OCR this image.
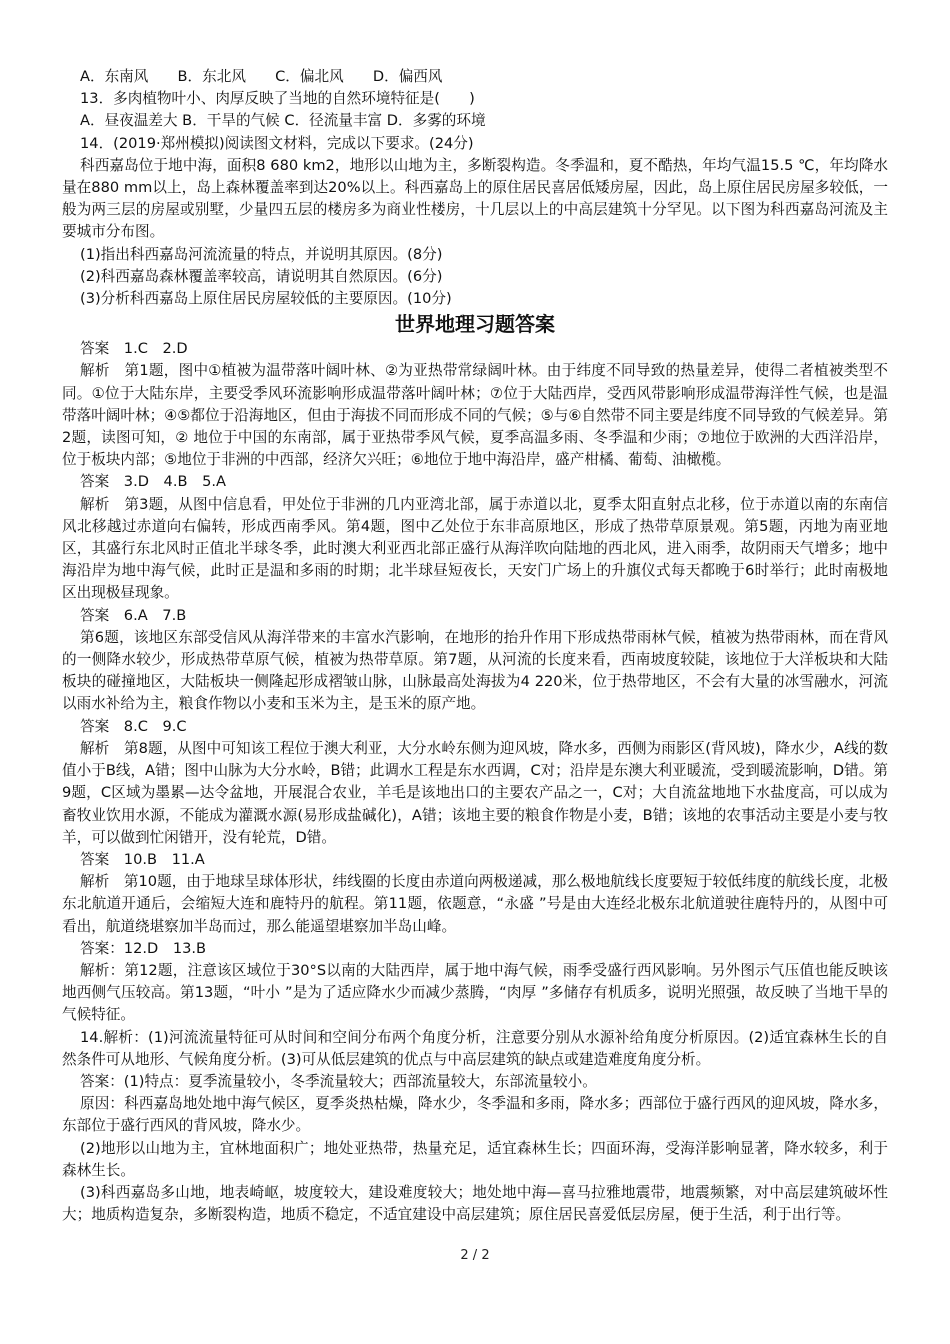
A．东南风　　B．东北风　　C．偏北风　　D．偏西风

13．多肉植物叶小、肉厚反映了当地的自然环境特征是(　　)

A．昼夜温差大 B．干旱的气候 C．径流量丰富 D．多雾的环境

14．(2019·郑州模拟)阅读图文材料，完成以下要求。(24分)

科西嘉岛位于地中海，面积8 680 km2，地形以山地为主，多断裂构造。冬季温和，夏不酷热，年均气温15.5 ℃，年均降水量在880 mm以上，岛上森林覆盖率到达20%以上。科西嘉岛上的原住居民喜居低矮房屋，因此，岛上原住居民房屋多较低，一般为两三层的房屋或别墅，少量四五层的楼房多为商业性楼房，十几层以上的中高层建筑十分罕见。以下图为科西嘉岛河流及主要城市分布图。

(1)指出科西嘉岛河流流量的特点，并说明其原因。(8分)

(2)科西嘉岛森林覆盖率较高，请说明其自然原因。(6分)

(3)分析科西嘉岛上原住居民房屋较低的主要原因。(10分)

世界地理习题答案

答案　1.C　2.D

解析　第1题，图中①植被为温带落叶阔叶林、②为亚热带常绿阔叶林。由于纬度不同导致的热量差异，使得二者植被类型不同。①位于大陆东岸，主要受季风环流影响形成温带落叶阔叶林；⑦位于大陆西岸，受西风带影响形成温带海洋性气候，也是温带落叶阔叶林；④⑤都位于沿海地区，但由于海拔不同而形成不同的气候；⑤与⑥自然带不同主要是纬度不同导致的气候差异。第2题，读图可知，② 地位于中国的东南部，属于亚热带季风气候，夏季高温多雨、冬季温和少雨；⑦地位于欧洲的大西洋沿岸，位于板块内部；⑤地位于非洲的中西部，经济欠兴旺；⑥地位于地中海沿岸，盛产柑橘、葡萄、油橄榄。

答案　3.D　4.B　5.A

解析　第3题，从图中信息看，甲处位于非洲的几内亚湾北部，属于赤道以北，夏季太阳直射点北移，位于赤道以南的东南信风北移越过赤道向右偏转，形成西南季风。第4题，图中乙处位于东非高原地区，形成了热带草原景观。第5题，丙地为南亚地区，其盛行东北风时正值北半球冬季，此时澳大利亚西北部正盛行从海洋吹向陆地的西北风，进入雨季，故阴雨天气增多；地中海沿岸为地中海气候，此时正是温和多雨的时期；北半球昼短夜长，天安门广场上的升旗仪式每天都晚于6时举行；此时南极地区出现极昼现象。

答案　6.A　7.B

第6题，该地区东部受信风从海洋带来的丰富水汽影响，在地形的抬升作用下形成热带雨林气候，植被为热带雨林，而在背风的一侧降水较少，形成热带草原气候，植被为热带草原。第7题，从河流的长度来看，西南坡度较陡，该地位于大洋板块和大陆板块的碰撞地区，大陆板块一侧隆起形成褶皱山脉，山脉最高处海拔为4 220米，位于热带地区，不会有大量的冰雪融水，河流以雨水补给为主，粮食作物以小麦和玉米为主，是玉米的原产地。

答案　8.C　9.C

解析　第8题，从图中可知该工程位于澳大利亚，大分水岭东侧为迎风坡，降水多，西侧为雨影区(背风坡)，降水少，A线的数值小于B线，A错；图中山脉为大分水岭，B错；此调水工程是东水西调，C对；沿岸是东澳大利亚暖流，受到暖流影响，D错。第9题，C区域为墨累—达令盆地，开展混合农业，羊毛是该地出口的主要农产品之一，C对；大自流盆地地下水盐度高，可以成为畜牧业饮用水源，不能成为灌溉水源(易形成盐碱化)，A错；该地主要的粮食作物是小麦，B错；该地的农事活动主要是小麦与牧羊，可以做到忙闲错开，没有轮荒，D错。

答案　10.B　11.A

解析　第10题，由于地球呈球体形状，纬线圈的长度由赤道向两极递减，那么极地航线长度要短于较低纬度的航线长度，北极东北航道开通后，会缩短大连和鹿特丹的航程。第11题，依题意，“永盛 ”号是由大连经北极东北航道驶往鹿特丹的，从图中可看出，航道绕堪察加半岛而过，那么能遥望堪察加半岛山峰。

答案：12.D　13.B

解析：第12题，注意该区域位于30°S以南的大陆西岸，属于地中海气候，雨季受盛行西风影响。另外图示气压值也能反映该地西侧气压较高。第13题，“叶小 ”是为了适应降水少而减少蒸腾，“肉厚 ”多储存有机质多，说明光照强，故反映了当地干旱的气候特征。

14.解析：(1)河流流量特征可从时间和空间分布两个角度分析，注意要分别从水源补给角度分析原因。(2)适宜森林生长的自然条件可从地形、气候角度分析。(3)可从低层建筑的优点与中高层建筑的缺点或建造难度角度分析。

答案：(1)特点：夏季流量较小，冬季流量较大；西部流量较大，东部流量较小。

原因：科西嘉岛地处地中海气候区，夏季炎热枯燥，降水少，冬季温和多雨，降水多；西部位于盛行西风的迎风坡，降水多，东部位于盛行西风的背风坡，降水少。

(2)地形以山地为主，宜林地面积广；地处亚热带，热量充足，适宜森林生长；四面环海，受海洋影响显著，降水较多，利于森林生长。

(3)科西嘉岛多山地，地表崎岖，坡度较大，建设难度较大；地处地中海—喜马拉雅地震带，地震频繁，对中高层建筑破坏性大；地质构造复杂，多断裂构造，地质不稳定，不适宜建设中高层建筑；原住居民喜爱低层房屋，便于生活，利于出行等。

2 / 2
